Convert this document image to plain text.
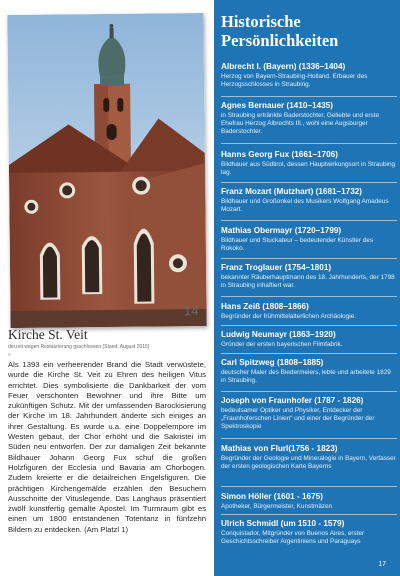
14
Kirche St. Veit
derzeit wegen Restaurierung geschlossen (Stand: August 2015)
»

Als 1393 ein verheerender Brand die Stadt verwüstete, wurde die Kirche St. Veit zu Ehren des heiligen Vitus errichtet. Dies symbolisierte die Dankbarkeit der vom Feuer verschonten Bewohner und ihre Bitte um zukünftigen Schutz. Mit der umfassenden Barockisierung der Kirche im 18. Jahrhundert änderte sich einiges an ihrer Gestaltung. Es wurde u.a. eine Doppelempore im Westen gebaut, der Chor erhöht und die Sakristei im Süden neu entworfen. Der zur damaligen Zeit bekannte Bildhauer Johann Georg Fux schuf die großen Holzfiguren der Ecclesia und Bavaria am Chorbogen. Zudem kreierte er die detailreichen Engelsfiguren. Die prächtigen Kirchengemälde erzählen den Besuchern Ausschnitte der Vituslegende. Das Langhaus präsentiert zwölf kunstfertig gemalte Apostel. Im Turmraum gibt es einen um 1800 entstandenen Totentanz in fünfzehn Bildern zu entdecken. (Am Platzl 1)

Historische Persönlichkeiten
Albrecht I. (Bayern) (1336–1404)
Herzog von Bayern-Straubing-Holland. Erbauer des Herzogsschlosses in Straubing.
Agnes Bernauer (1410–1435)
in Straubing ertränkte Baderstochter, Geliebte und erste Ehefrau Herzog Albrechts III., wohl eine Augsburger Baderstochter.
Hanns Georg Fux (1661–1706)
Bildhauer aus Südtirol, dessen Hauptwirkungsort in Straubing lag.
Franz Mozart (Mutzhart) (1681–1732)
Bildhauer und Großonkel des Musikers Wolfgang Amadeus Mozart.
Mathias Obermayr (1720–1799)
Bildhauer und Stuckateur – bedeutender Künstler des Rokoko.
Franz Troglauer (1754–1801)
bekannter Räuberhauptmann des 18. Jahrhunderts, der 1798 in Straubing inhaftiert war.
Hans Zeiß (1808–1866)
Begründer der frühmittelalterlichen Archäologie.
Ludwig Neumayr (1863–1920)
Gründer der ersten bayerischen Filmfabrik.
Carl Spitzweg (1808–1885)
deutscher Maler des Biedermeiers, lebte und arbeitete 1829 in Straubing.
Joseph von Fraunhofer (1787 - 1826)
bedeutsamer Optiker und Physiker, Entdecker der „Fraunhoferschen Linien“ und einer der Begründer der Spektroskopie
Mathias von Flurl(1756 - 1823)
Begründer der Geologie und Mineralogie in Bayern, Verfasser der ersten geologischen Karte Bayerns
Simon Höller (1601 - 1675)
Apotheker, Bürgermeister, Kunstmäzen
Ulrich Schmidl (um 1510 - 1579)
Conquistador, Mitgründer von Buenos Aires, erster Geschichtsschreiber Argentiniens und Paraguays
17
